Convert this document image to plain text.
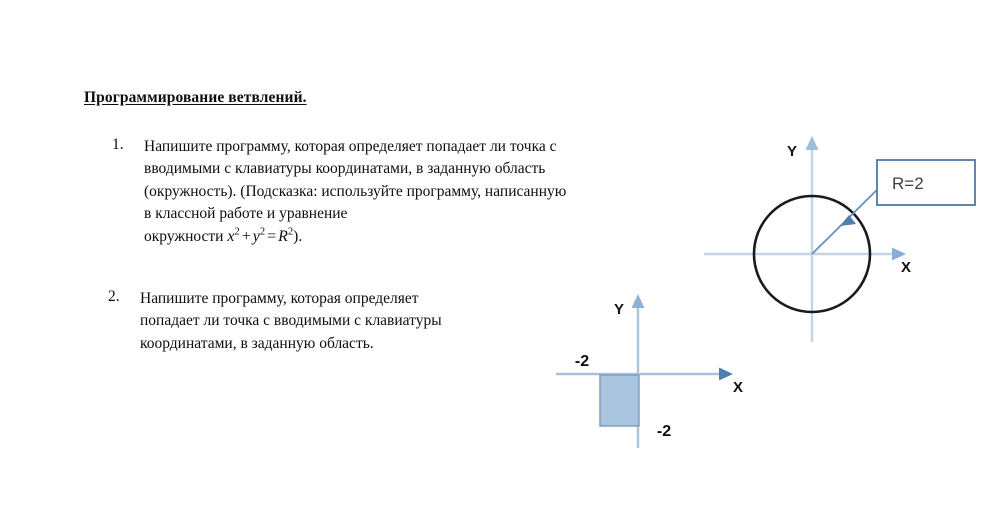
Программирование ветвлений.
1.	Напишите программу, которая определяет попадает ли точка с
вводимыми с клавиатуры координатами, в заданную область
(окружность). (Подсказка: используйте программу, написанную
в классной работе и уравнение
окружности $x^2 + y^2 = R^2$).
2.	Напишите программу, которая определяет
попадает ли точка с вводимыми с клавиатуры
координатами, в заданную область.
Y
X
R=2
Y
X
-2
-2
